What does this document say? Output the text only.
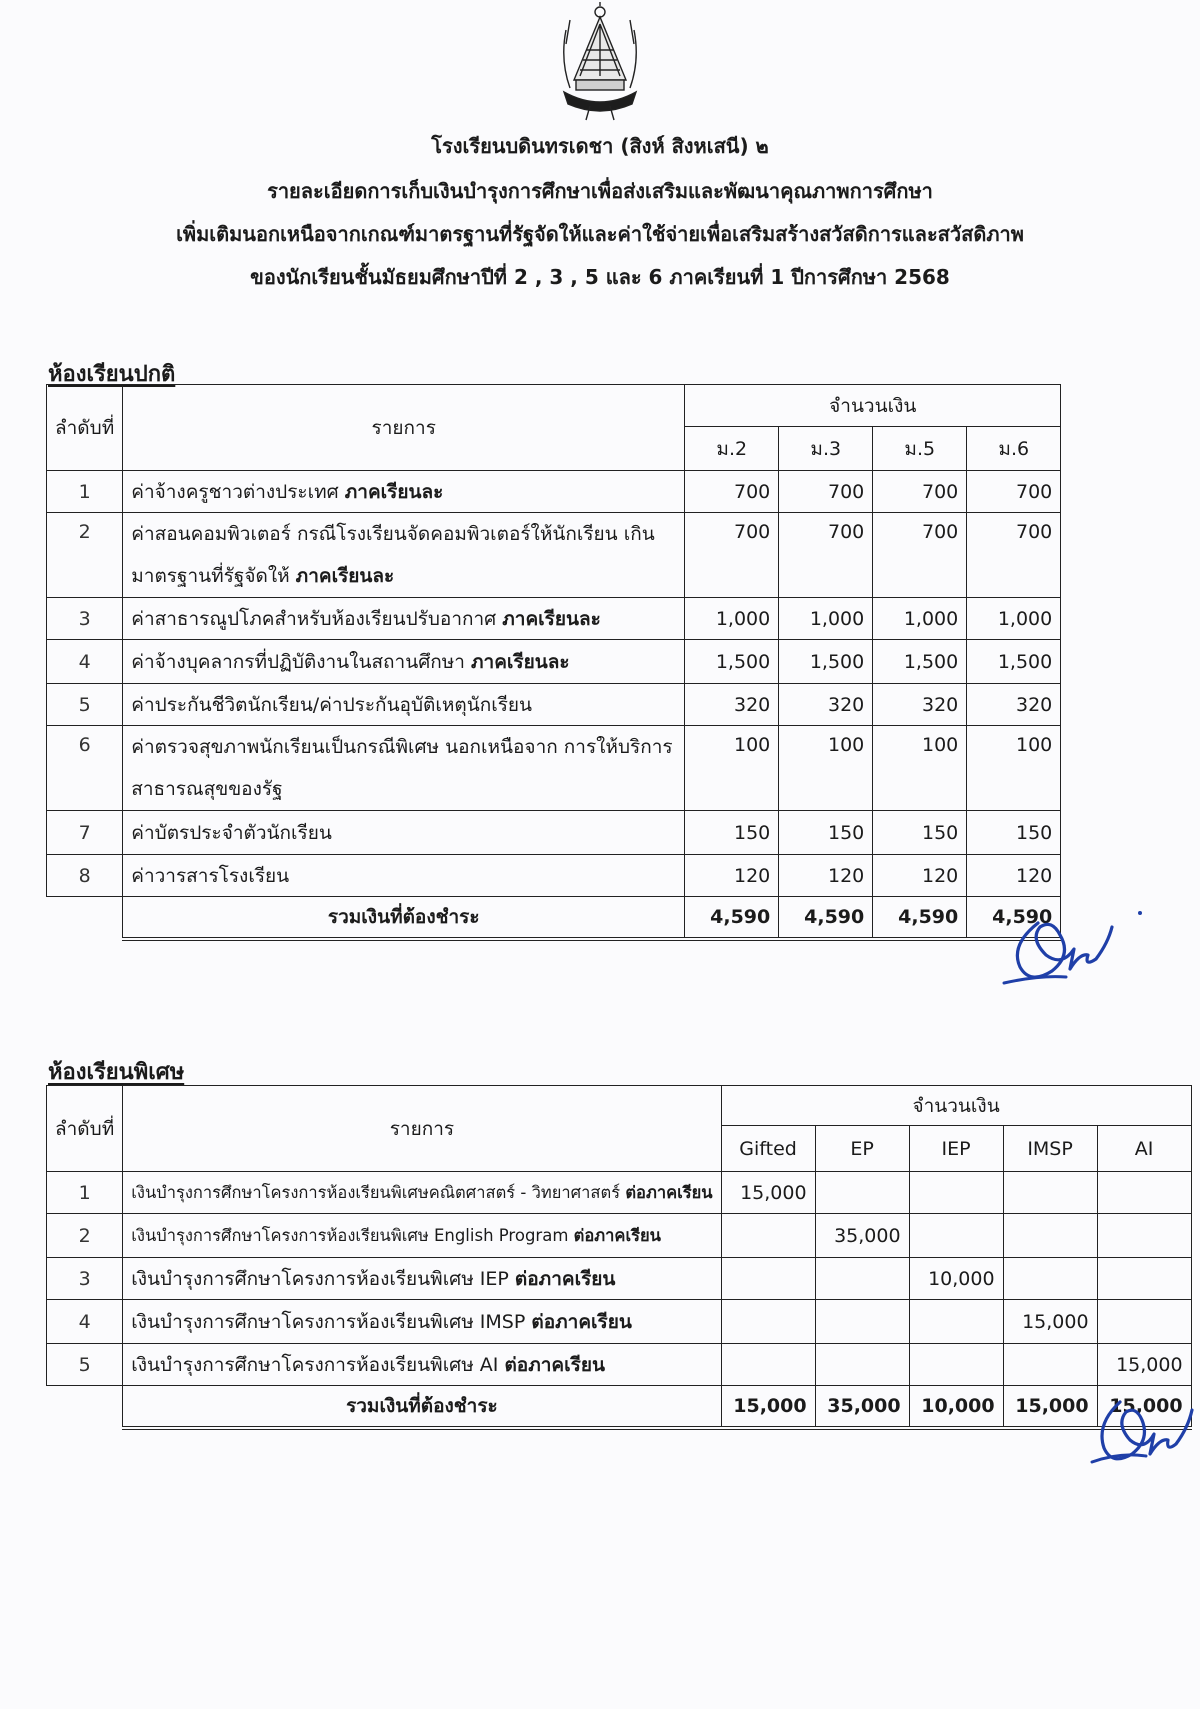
โรงเรียนบดินทรเดชา (สิงห์ สิงหเสนี) ๒
รายละเอียดการเก็บเงินบำรุงการศึกษาเพื่อส่งเสริมและพัฒนาคุณภาพการศึกษา
เพิ่มเติมนอกเหนือจากเกณฑ์มาตรฐานที่รัฐจัดให้และค่าใช้จ่ายเพื่อเสริมสร้างสวัสดิการและสวัสดิภาพ
ของนักเรียนชั้นมัธยมศึกษาปีที่ 2 , 3 , 5 และ 6 ภาคเรียนที่ 1 ปีการศึกษา 2568
ห้องเรียนปกติ
ลำดับที่	รายการ	จำนวนเงิน			
		ม.2	ม.3	ม.5	ม.6
1	ค่าจ้างครูชาวต่างประเทศ ภาคเรียนละ	700	700	700	700
2	ค่าสอนคอมพิวเตอร์ กรณีโรงเรียนจัดคอมพิวเตอร์ให้นักเรียน เกินมาตรฐานที่รัฐจัดให้ ภาคเรียนละ	700	700	700	700
3	ค่าสาธารณูปโภคสำหรับห้องเรียนปรับอากาศ ภาคเรียนละ	1,000	1,000	1,000	1,000
4	ค่าจ้างบุคลากรที่ปฏิบัติงานในสถานศึกษา ภาคเรียนละ	1,500	1,500	1,500	1,500
5	ค่าประกันชีวิตนักเรียน/ค่าประกันอุบัติเหตุนักเรียน	320	320	320	320
6	ค่าตรวจสุขภาพนักเรียนเป็นกรณีพิเศษ นอกเหนือจาก การให้บริการสาธารณสุขของรัฐ	100	100	100	100
7	ค่าบัตรประจำตัวนักเรียน	150	150	150	150
8	ค่าวารสารโรงเรียน	120	120	120	120
	รวมเงินที่ต้องชำระ	4,590	4,590	4,590	4,590
ห้องเรียนพิเศษ
ลำดับที่	รายการ	จำนวนเงิน				
		Gifted	EP	IEP	IMSP	AI
1	เงินบำรุงการศึกษาโครงการห้องเรียนพิเศษคณิตศาสตร์ - วิทยาศาสตร์ ต่อภาคเรียน	15,000				
2	เงินบำรุงการศึกษาโครงการห้องเรียนพิเศษ English Program ต่อภาคเรียน		35,000			
3	เงินบำรุงการศึกษาโครงการห้องเรียนพิเศษ IEP ต่อภาคเรียน			10,000		
4	เงินบำรุงการศึกษาโครงการห้องเรียนพิเศษ IMSP ต่อภาคเรียน				15,000	
5	เงินบำรุงการศึกษาโครงการห้องเรียนพิเศษ AI ต่อภาคเรียน					15,000
	รวมเงินที่ต้องชำระ	15,000	35,000	10,000	15,000	15,000
